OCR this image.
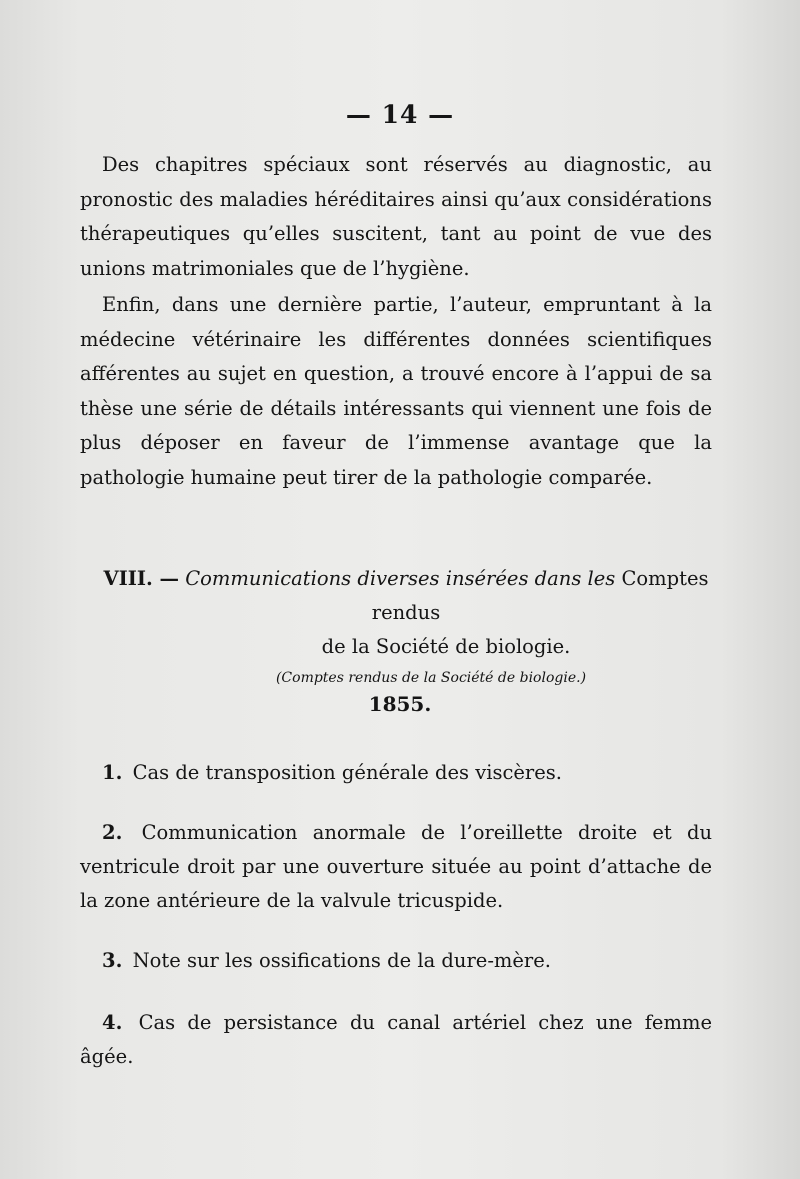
— 14 —

Des chapitres spéciaux sont réservés au diagnostic, au pronostic des maladies héréditaires ainsi qu’aux considérations thérapeutiques qu’elles suscitent, tant au point de vue des unions matrimoniales que de l’hygiène.

Enfin, dans une dernière partie, l’auteur, empruntant à la médecine vétérinaire les différentes données scientifiques afférentes au sujet en question, a trouvé encore à l’appui de sa thèse une série de détails intéressants qui viennent une fois de plus déposer en faveur de l’immense avantage que la pathologie humaine peut tirer de la pathologie comparée.

VIII. — Communications diverses insérées dans les Comptes rendus
de la Société de biologie.
(Comptes rendus de la Société de biologie.)
1855.

1. Cas de transposition générale des viscères.

2. Communication anormale de l’oreillette droite et du ventricule droit par une ouverture située au point d’attache de la zone antérieure de la valvule tricuspide.

3. Note sur les ossifications de la dure-mère.

4. Cas de persistance du canal artériel chez une femme âgée.
